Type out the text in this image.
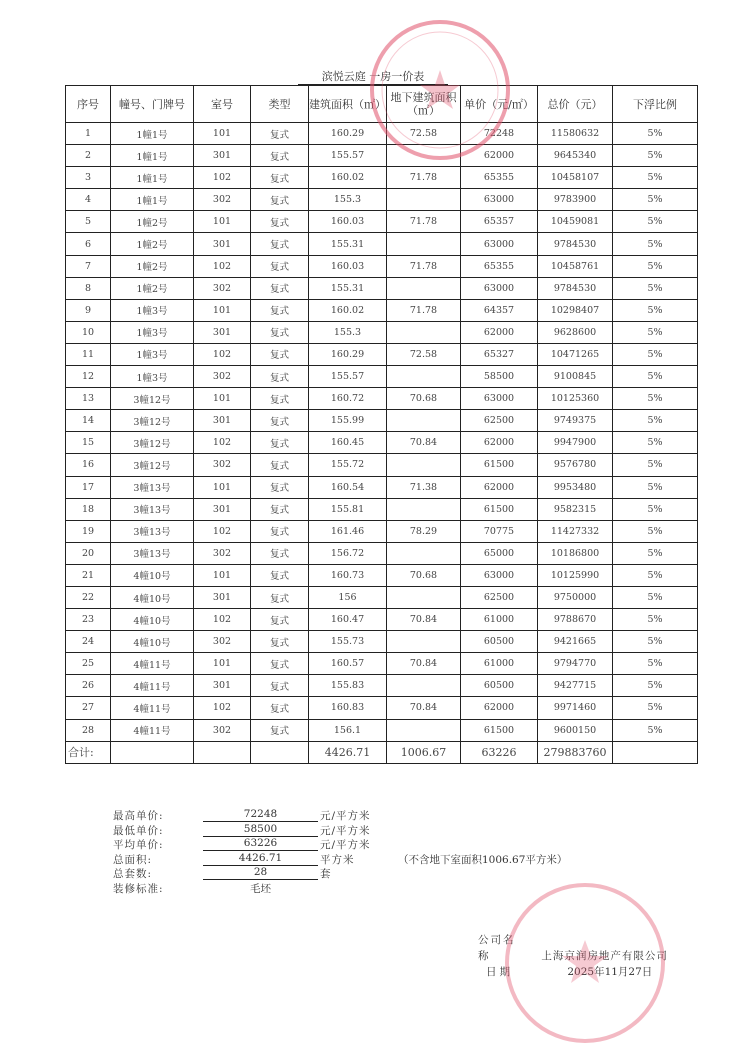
滨悦云庭 一房一价表
序号	幢号、门牌号	室号	类型	建筑面积（㎡）	地下建筑面积（㎡）	单价（元/㎡）	总价（元）	下浮比例
1	1幢1号	101	复式	160.29	72.58	72248	11580632	5%
2	1幢1号	301	复式	155.57		62000	9645340	5%
3	1幢1号	102	复式	160.02	71.78	65355	10458107	5%
4	1幢1号	302	复式	155.3		63000	9783900	5%
5	1幢2号	101	复式	160.03	71.78	65357	10459081	5%
6	1幢2号	301	复式	155.31		63000	9784530	5%
7	1幢2号	102	复式	160.03	71.78	65355	10458761	5%
8	1幢2号	302	复式	155.31		63000	9784530	5%
9	1幢3号	101	复式	160.02	71.78	64357	10298407	5%
10	1幢3号	301	复式	155.3		62000	9628600	5%
11	1幢3号	102	复式	160.29	72.58	65327	10471265	5%
12	1幢3号	302	复式	155.57		58500	9100845	5%
13	3幢12号	101	复式	160.72	70.68	63000	10125360	5%
14	3幢12号	301	复式	155.99		62500	9749375	5%
15	3幢12号	102	复式	160.45	70.84	62000	9947900	5%
16	3幢12号	302	复式	155.72		61500	9576780	5%
17	3幢13号	101	复式	160.54	71.38	62000	9953480	5%
18	3幢13号	301	复式	155.81		61500	9582315	5%
19	3幢13号	102	复式	161.46	78.29	70775	11427332	5%
20	3幢13号	302	复式	156.72		65000	10186800	5%
21	4幢10号	101	复式	160.73	70.68	63000	10125990	5%
22	4幢10号	301	复式	156		62500	9750000	5%
23	4幢10号	102	复式	160.47	70.84	61000	9788670	5%
24	4幢10号	302	复式	155.73		60500	9421665	5%
25	4幢11号	101	复式	160.57	70.84	61000	9794770	5%
26	4幢11号	301	复式	155.83		60500	9427715	5%
27	4幢11号	102	复式	160.83	70.84	62000	9971460	5%
28	4幢11号	302	复式	156.1		61500	9600150	5%
合计:				4426.71	1006.67	63226	279883760	
最高单价:	72248	元/平方米
最低单价:	58500	元/平方米
平均单价:	63226	元/平方米
总面积:	4426.71	平方米	（不含地下室面积1006.67平方米）
总套数:	28	套
装修标准:	毛坯
公司名称	上海京润房地产有限公司
日期	2025年11月27日
